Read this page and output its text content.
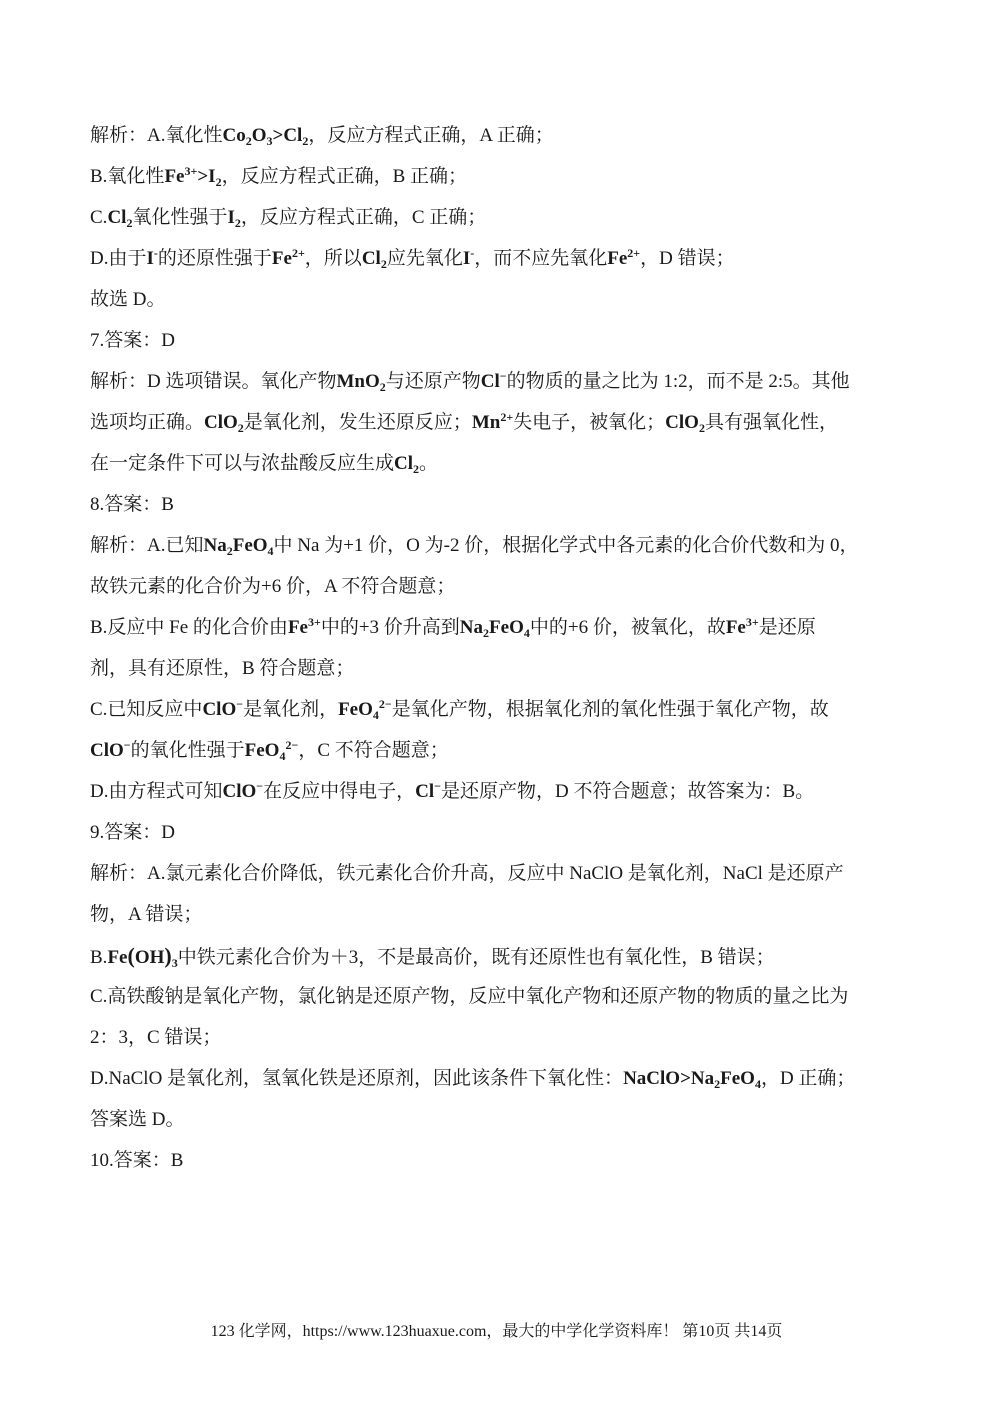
解析：A.氧化性$Co_2O_3>Cl_2$，反应方程式正确，A 正确；
B.氧化性$Fe^{3+}>I_2$，反应方程式正确，B 正确；
$C.Cl_2$氧化性强于$I_2$，反应方程式正确，C 正确；
D.由于I-的还原性强于$Fe^{2+}$，所以$Cl_2$应先氧化I-，而不应先氧化$Fe^{2+}$，D 错误；
故选 D。
7.答案：D
解析：D 选项错误。氧化产物MnO$_2$与还原产物Cl−的物质的量之比为 1:2，而不是 2:5。其他
选项均正确。ClO$_2$是氧化剂，发生还原反应；$Mn^{2+}$失电子，被氧化；ClO$_2$具有强氧化性，
在一定条件下可以与浓盐酸反应生成$Cl_2$。
8.答案：B
解析：A.已知$Na_2FeO_4$中 Na 为+1 价，O 为-2 价，根据化学式中各元素的化合价代数和为 0，
故铁元素的化合价为+6 价，A 不符合题意；
B.反应中 Fe 的化合价由$Fe^{3+}$中的+3 价升高到$Na_2FeO_4$中的+6 价，被氧化，故$Fe^{3+}$是还原
剂，具有还原性，B 符合题意；
C.已知反应中ClO−是氧化剂，FeO$_4^{2-}$是氧化产物，根据氧化剂的氧化性强于氧化产物，故
ClO−的氧化性强于FeO$_4^{2-}$，C 不符合题意；
D.由方程式可知ClO−在反应中得电子，Cl−是还原产物，D 不符合题意；故答案为：B。
9.答案：D
解析：A.氯元素化合价降低，铁元素化合价升高，反应中 NaClO 是氧化剂，NaCl 是还原产
物，A 错误；
$B.Fe(OH)_3$中铁元素化合价为＋3，不是最高价，既有还原性也有氧化性，B 错误；
C.高铁酸钠是氧化产物，氯化钠是还原产物，反应中氧化产物和还原产物的物质的量之比为
2：3，C 错误；
D.NaClO 是氧化剂，氢氧化铁是还原剂，因此该条件下氧化性：$NaClO>Na_2FeO_4$，D 正确；
答案选 D。
10.答案：B
123 化学网，https://www.123huaxue.com，最大的中学化学资料库！ 第10页 共14页
